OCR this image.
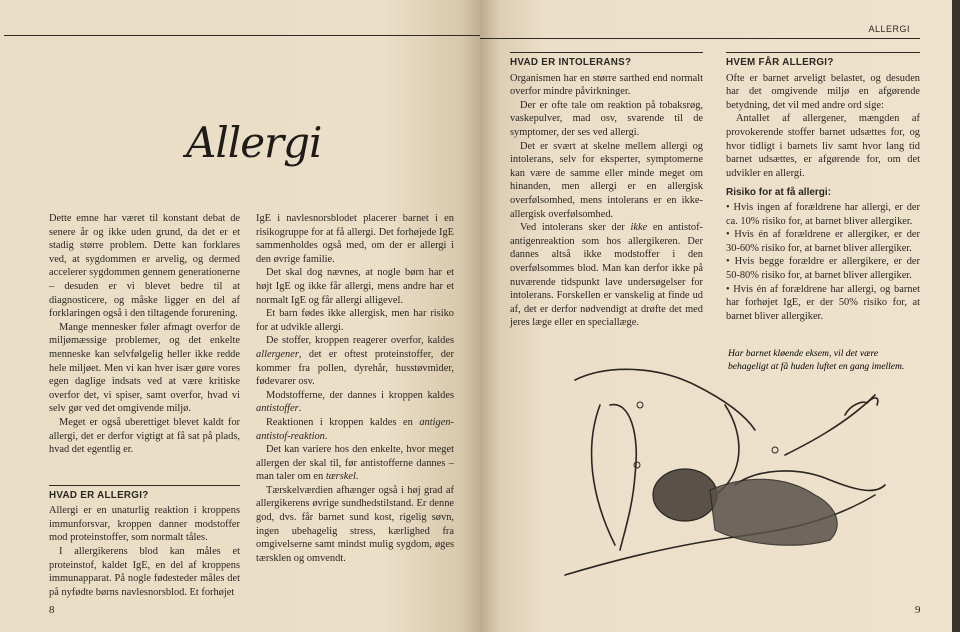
Allergi

Dette emne har været til konstant debat de senere år og ikke uden grund, da det er et stadig større problem. Dette kan forklares ved, at sygdommen er arvelig, og dermed accelerer sygdommen gennem generationerne – desuden er vi blevet bedre til at diagnosticere, og måske ligger en del af forklaringen også i den tiltagende forurening.

Mange mennesker føler afmagt overfor de miljømæssige problemer, og det enkelte menneske kan selvfølgelig heller ikke redde hele miljøet. Men vi kan hver især gøre vores egen daglige indsats ved at være kritiske overfor det, vi spiser, samt overfor, hvad vi selv gør ved det omgivende miljø.

Meget er også uberettiget blevet kaldt for allergi, det er derfor vigtigt at få sat på plads, hvad det egentlig er.

HVAD ER ALLERGI?

Allergi er en unaturlig reaktion i kroppens immunforsvar, kroppen danner modstoffer mod proteinstoffer, som normalt tåles.

I allergikerens blod kan måles et proteinstof, kaldet IgE, en del af kroppens immunapparat. På nogle fødesteder måles det på nyfødte børns navlesnorsblod. Et forhøjet

IgE i navlesnorsblodet placerer barnet i en risikogruppe for at få allergi. Det forhøjede IgE sammenholdes også med, om der er allergi i den øvrige familie.

Det skal dog nævnes, at nogle børn har et højt IgE og ikke får allergi, mens andre har et normalt IgE og får allergi alligevel.

Et barn fødes ikke allergisk, men har risiko for at udvikle allergi.

De stoffer, kroppen reagerer overfor, kaldes allergener, det er oftest proteinstoffer, der kommer fra pollen, dyrehår, husstøvmider, fødevarer osv.

Modstofferne, der dannes i kroppen kaldes antistoffer.

Reaktionen i kroppen kaldes en antigen-antistof-reaktion.

Det kan variere hos den enkelte, hvor meget allergen der skal til, før antistofferne dannes – man taler om en tærskel.

Tærskelværdien afhænger også i høj grad af allergikerens øvrige sundhedstilstand. Er denne god, dvs. får barnet sund kost, rigelig søvn, ingen ubehagelig stress, kærlighed fra omgivelserne samt mindst mulig sygdom, øges tærsklen og omvendt.

8
ALLERGI
HVAD ER INTOLERANS?

Organismen har en større sarthed end normalt overfor mindre påvirkninger.

Der er ofte tale om reaktion på tobaksrøg, vaskepulver, mad osv, svarende til de symptomer, der ses ved allergi.

Det er svært at skelne mellem allergi og intolerans, selv for eksperter, symptomerne kan være de samme eller minde meget om hinanden, men allergi er en allergisk overfølsomhed, mens intolerans er en ikke-allergisk overfølsomhed.

Ved intolerans sker der ikke en antistof-antigenreaktion som hos allergikeren. Der dannes altså ikke modstoffer i den overfølsommes blod. Man kan derfor ikke på nuværende tidspunkt lave undersøgelser for intolerans. Forskellen er vanskelig at finde ud af, det er derfor nødvendigt at drøfte det med jeres læge eller en speciallæge.

HVEM FÅR ALLERGI?

Ofte er barnet arveligt belastet, og desuden har det omgivende miljø en afgørende betydning, det vil med andre ord sige:

Antallet af allergener, mængden af provokerende stoffer barnet udsættes for, og hvor tidligt i barnets liv samt hvor lang tid barnet udsættes, er afgørende for, om det udvikler en allergi.

Risiko for at få allergi:
• Hvis ingen af forældrene har allergi, er der ca. 10% risiko for, at barnet bliver allergiker.
• Hvis én af forældrene er allergiker, er der 30-60% risiko for, at barnet bliver allergiker.
• Hvis begge forældre er allergikere, er der 50-80% risiko for, at barnet bliver allergiker.
• Hvis én af forældrene har allergi, og barnet har forhøjet IgE, er der 50% risiko for, at barnet bliver allergiker.
9
Har barnet kløende eksem, vil det være behageligt at få huden luftet en gang imellem.
